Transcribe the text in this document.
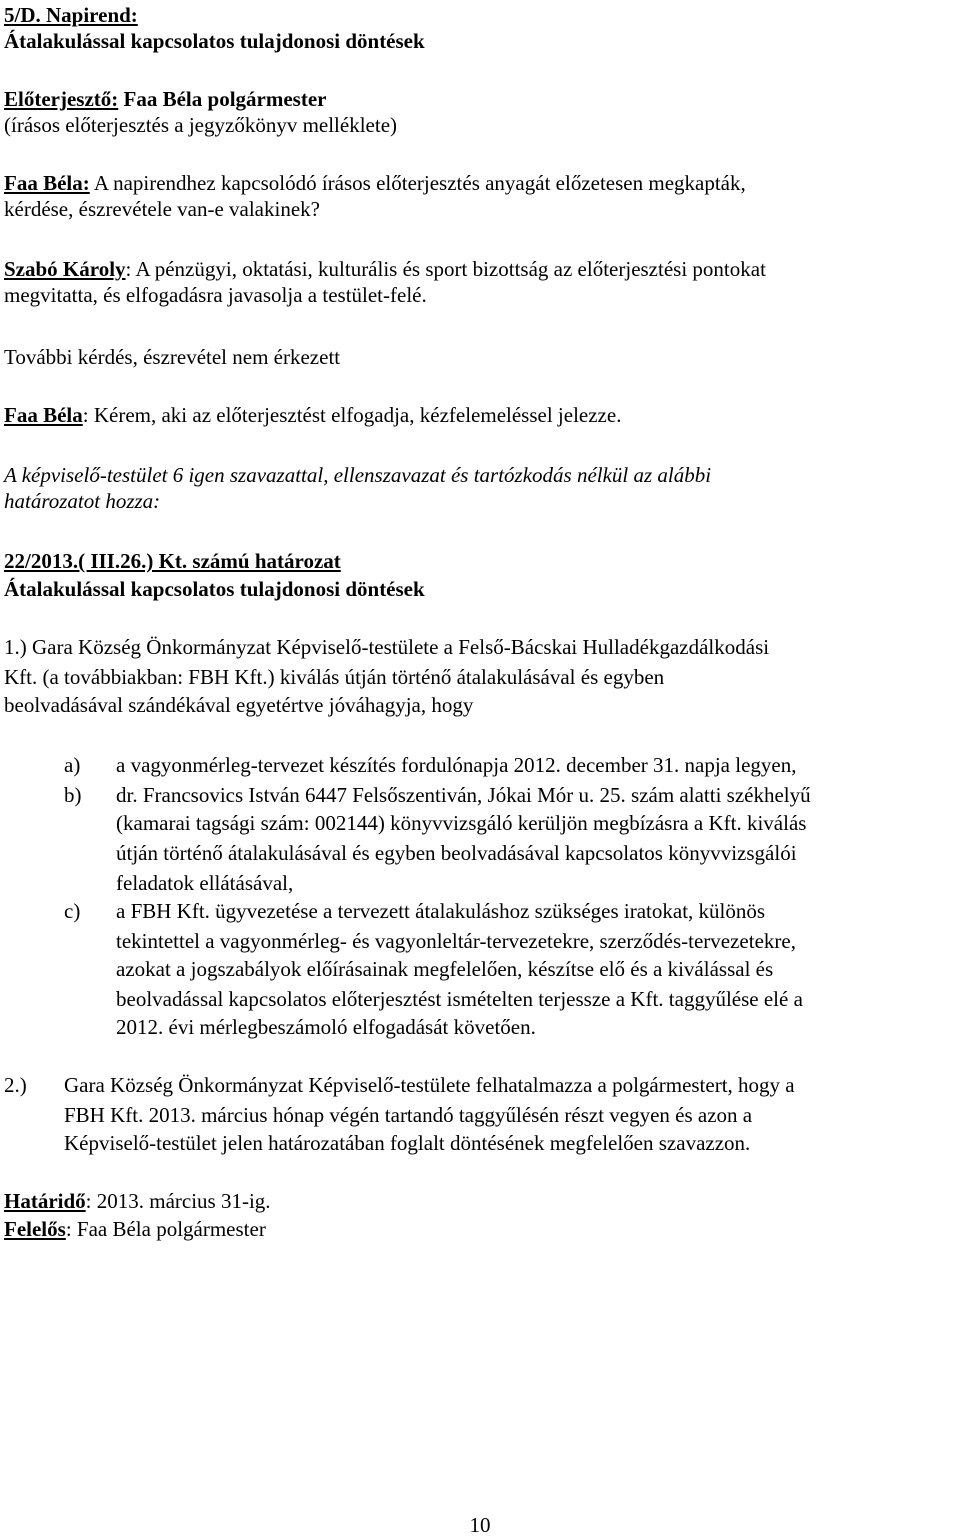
5/D. Napirend:
Átalakulással kapcsolatos tulajdonosi döntések
Előterjesztő: Faa Béla polgármester
(írásos előterjesztés a jegyzőkönyv melléklete)
Faa Béla: A napirendhez kapcsolódó írásos előterjesztés anyagát előzetesen megkapták,
kérdése, észrevétele van-e valakinek?
Szabó Károly: A pénzügyi, oktatási, kulturális és sport bizottság az előterjesztési pontokat
megvitatta, és elfogadásra javasolja a testület-felé.
További kérdés, észrevétel nem érkezett
Faa Béla: Kérem, aki az előterjesztést elfogadja, kézfelemeléssel jelezze.
A képviselő-testület 6 igen szavazattal, ellenszavazat és tartózkodás nélkül az alábbi
határozatot hozza:
22/2013.( III.26.) Kt. számú határozat
Átalakulással kapcsolatos tulajdonosi döntések
1.) Gara Község Önkormányzat Képviselő-testülete a Felső-Bácskai Hulladékgazdálkodási
Kft. (a továbbiakban: FBH Kft.) kiválás útján történő átalakulásával és egyben
beolvadásával szándékával egyetértve jóváhagyja, hogy
a) a vagyonmérleg-tervezet készítés fordulónapja 2012. december 31. napja legyen,
b) dr. Francsovics István 6447 Felsőszentiván, Jókai Mór u. 25. szám alatti székhelyű
(kamarai tagsági szám: 002144) könyvvizsgáló kerüljön megbízásra a Kft. kiválás
útján történő átalakulásával és egyben beolvadásával kapcsolatos könyvvizsgálói
feladatok ellátásával,
c) a FBH Kft. ügyvezetése a tervezett átalakuláshoz szükséges iratokat, különös
tekintettel a vagyonmérleg- és vagyonleltár-tervezetekre, szerződés-tervezetekre,
azokat a jogszabályok előírásainak megfelelően, készítse elő és a kiválással és
beolvadással kapcsolatos előterjesztést ismételten terjessze a Kft. taggyűlése elé a
2012. évi mérlegbeszámoló elfogadását követően.
2.) Gara Község Önkormányzat Képviselő-testülete felhatalmazza a polgármestert, hogy a
FBH Kft. 2013. március hónap végén tartandó taggyűlésén részt vegyen és azon a
Képviselő-testület jelen határozatában foglalt döntésének megfelelően szavazzon.
Határidő: 2013. március 31-ig.
Felelős: Faa Béla polgármester
10
